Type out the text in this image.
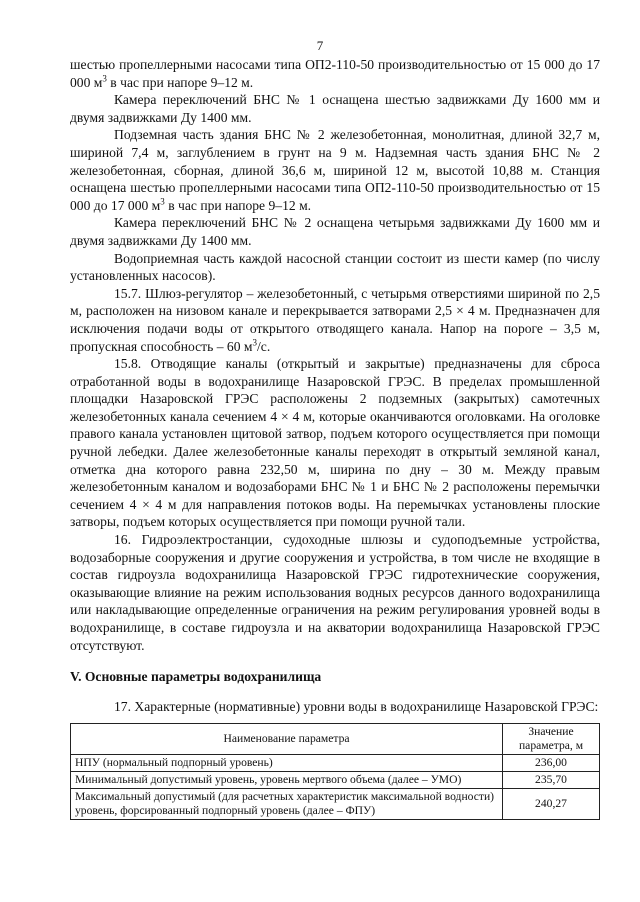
7

шестью пропеллерными насосами типа ОП2-110-50 производительностью от 15 000 до 17 000 $м^3$ в час при напоре 9–12 м.

Камера переключений БНС № 1 оснащена шестью задвижками Ду 1600 мм и двумя задвижками Ду 1400 мм.

Подземная часть здания БНС № 2 железобетонная, монолитная, длиной 32,7 м, шириной 7,4 м, заглублением в грунт на 9 м. Надземная часть здания БНС № 2 железобетонная, сборная, длиной 36,6 м, шириной 12 м, высотой 10,88 м. Станция оснащена шестью пропеллерными насосами типа ОП2-110-50 производительностью от 15 000 до 17 000 $м^3$ в час при напоре 9–12 м.

Камера переключений БНС № 2 оснащена четырьмя задвижками Ду 1600 мм и двумя задвижками Ду 1400 мм.

Водоприемная часть каждой насосной станции состоит из шести камер (по числу установленных насосов).

15.7. Шлюз-регулятор – железобетонный, с четырьмя отверстиями шириной по 2,5 м, расположен на низовом канале и перекрывается затворами 2,5 × 4 м. Предназначен для исключения подачи воды от открытого отводящего канала. Напор на пороге – 3,5 м, пропускная способность – 60 $м^3/с$.

15.8. Отводящие каналы (открытый и закрытые) предназначены для сброса отработанной воды в водохранилище Назаровской ГРЭС. В пределах промышленной площадки Назаровской ГРЭС расположены 2 подземных (закрытых) самотечных железобетонных канала сечением 4 × 4 м, которые оканчиваются оголовками. На оголовке правого канала установлен щитовой затвор, подъем которого осуществляется при помощи ручной лебедки. Далее железобетонные каналы переходят в открытый земляной канал, отметка дна которого равна 232,50 м, ширина по дну – 30 м. Между правым железобетонным каналом и водозаборами БНС № 1 и БНС № 2 расположены перемычки сечением 4 × 4 м для направления потоков воды. На перемычках установлены плоские затворы, подъем которых осуществляется при помощи ручной тали.

16. Гидроэлектростанции, судоходные шлюзы и судоподъемные устройства, водозаборные сооружения и другие сооружения и устройства, в том числе не входящие в состав гидроузла водохранилища Назаровской ГРЭС гидротехнические сооружения, оказывающие влияние на режим использования водных ресурсов данного водохранилища или накладывающие определенные ограничения на режим регулирования уровней воды в водохранилище, в составе гидроузла и на акватории водохранилища Назаровской ГРЭС отсутствуют.

V. Основные параметры водохранилища

17. Характерные (нормативные) уровни воды в водохранилище Назаровской ГРЭС:

Наименование параметра	Значение параметра, м
НПУ (нормальный подпорный уровень)	236,00
Минимальный допустимый уровень, уровень мертвого объема (далее – УМО)	235,70
Максимальный допустимый (для расчетных характеристик максимальной водности) уровень, форсированный подпорный уровень (далее – ФПУ)	240,27
